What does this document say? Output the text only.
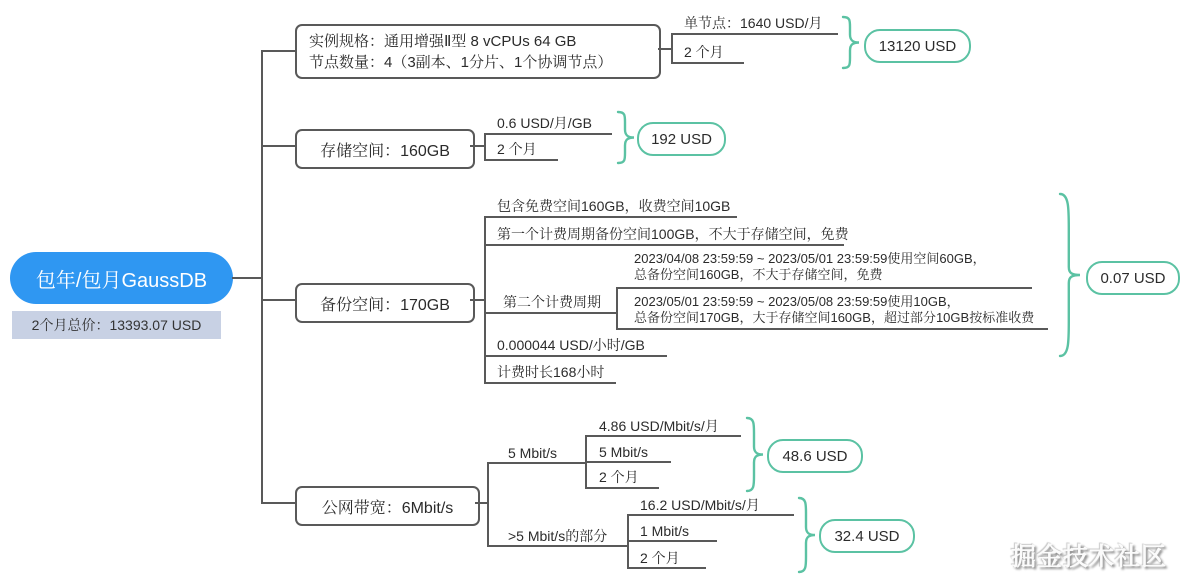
包年/包月GaussDB
2个月总价：13393.07 USD
实例规格：通用增强Ⅱ型 8 vCPUs 64 GB
节点数量：4（3副本、1分片、1个协调节点）
单节点：1640 USD/月
2 个月	13120 USD
存储空间：160GB
0.6 USD/月/GB
2 个月
192 USD
备份空间：170GB
包含免费空间160GB，收费空间10GB
第一个计费周期备份空间100GB，不大于存储空间，免费
第二个计费周期
2023/04/08 23:59:59 ~ 2023/05/01 23:59:59使用空间60GB，
总备份空间160GB，不大于存储空间，免费
2023/05/01 23:59:59 ~ 2023/05/08 23:59:59使用10GB，
总备份空间170GB，大于存储空间160GB，超过部分10GB按标准收费
0.000044 USD/小时/GB
计费时长168小时
0.07 USD
公网带宽：6Mbit/s
5 Mbit/s
4.86 USD/Mbit/s/月
5 Mbit/s
2 个月
48.6 USD
>5 Mbit/s的部分
16.2 USD/Mbit/s/月
1 Mbit/s
2 个月
32.4 USD
掘金技术社区
